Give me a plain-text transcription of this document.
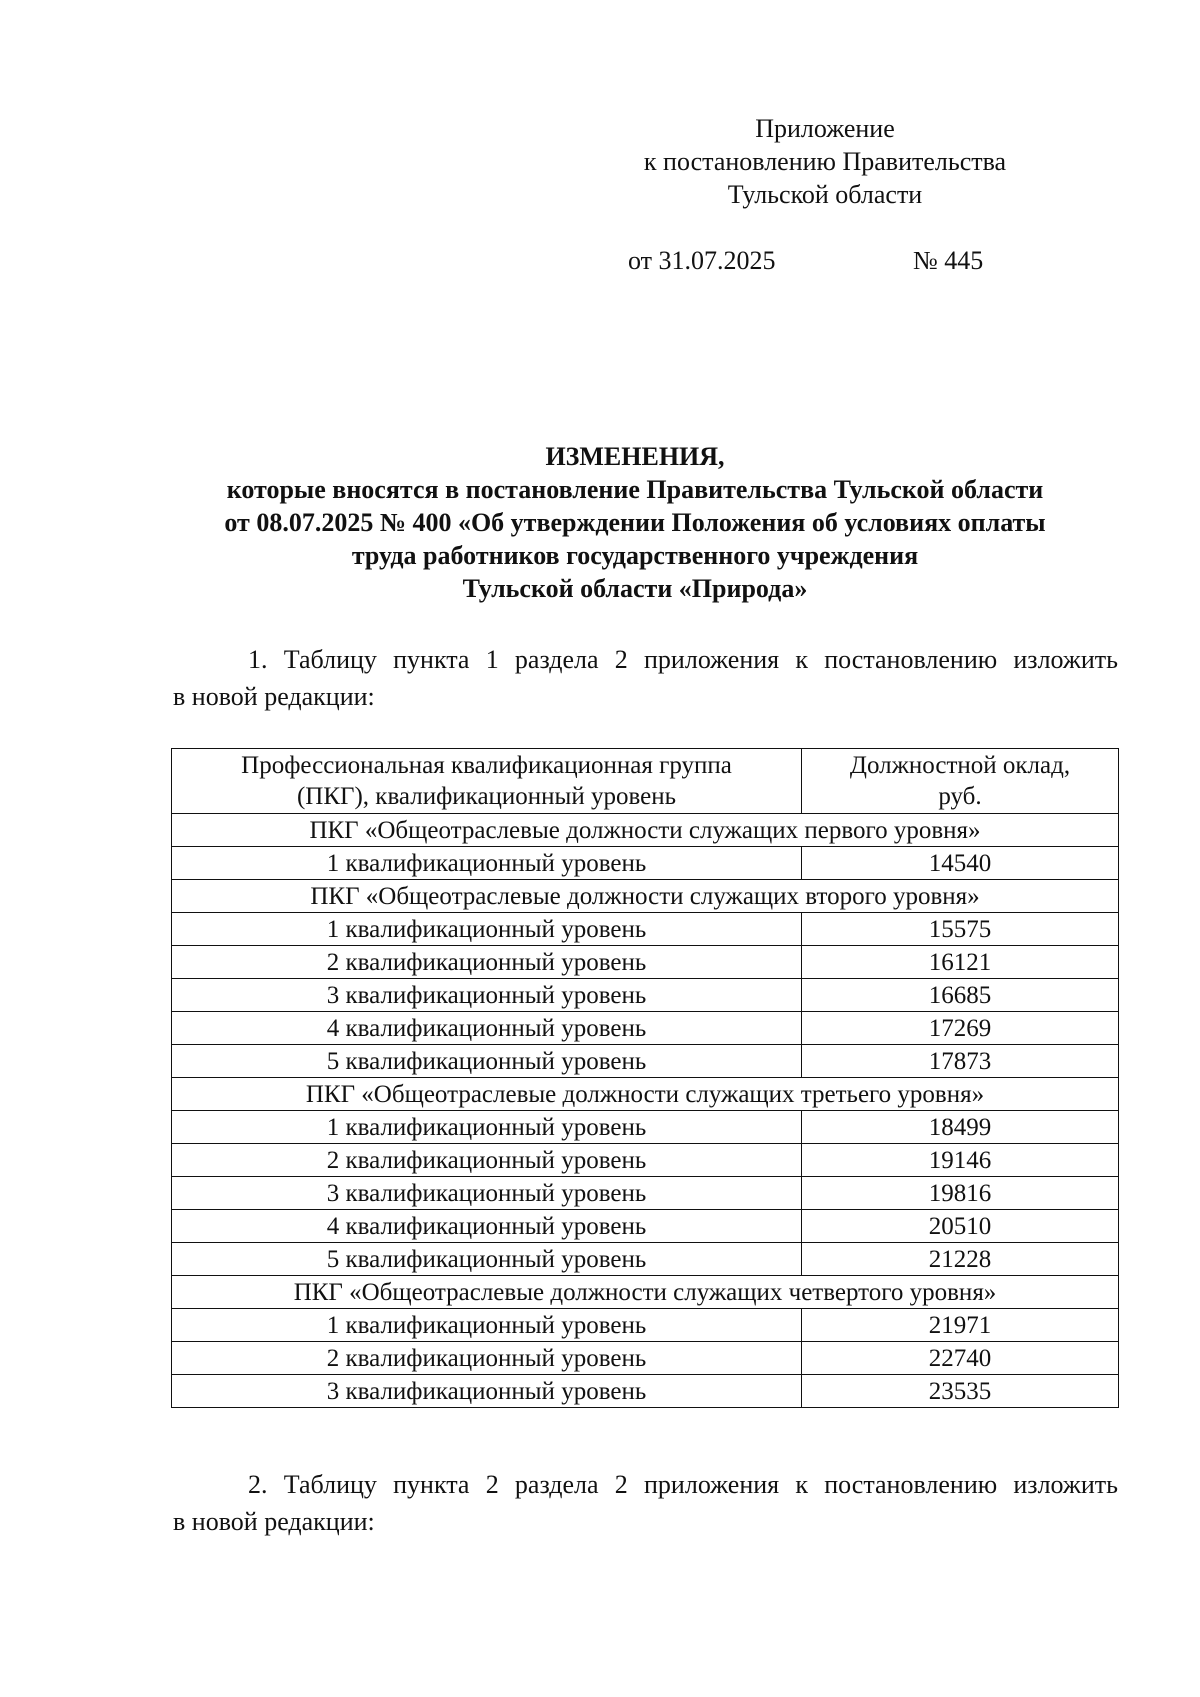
Приложение
к постановлению Правительства
Тульской области
от 31.07.2025	№ 445
ИЗМЕНЕНИЯ,
которые вносятся в постановление Правительства Тульской области
от 08.07.2025 № 400 «Об утверждении Положения об условиях оплаты
труда работников государственного учреждения
Тульской области «Природа»
1. Таблицу пункта 1 раздела 2 приложения к постановлению изложить
в новой редакции:
Профессиональная квалификационная группа
(ПКГ), квалификационный уровень	Должностной оклад,
руб.

ПКГ «Общеотраслевые должности служащих первого уровня»	
1 квалификационный уровень	14540
ПКГ «Общеотраслевые должности служащих второго уровня»	
1 квалификационный уровень	15575
2 квалификационный уровень	16121
3 квалификационный уровень	16685
4 квалификационный уровень	17269
5 квалификационный уровень	17873
ПКГ «Общеотраслевые должности служащих третьего уровня»	
1 квалификационный уровень	18499
2 квалификационный уровень	19146
3 квалификационный уровень	19816
4 квалификационный уровень	20510
5 квалификационный уровень	21228
ПКГ «Общеотраслевые должности служащих четвертого уровня»	
1 квалификационный уровень	21971
2 квалификационный уровень	22740
3 квалификационный уровень	23535
2. Таблицу пункта 2 раздела 2 приложения к постановлению изложить
в новой редакции:
